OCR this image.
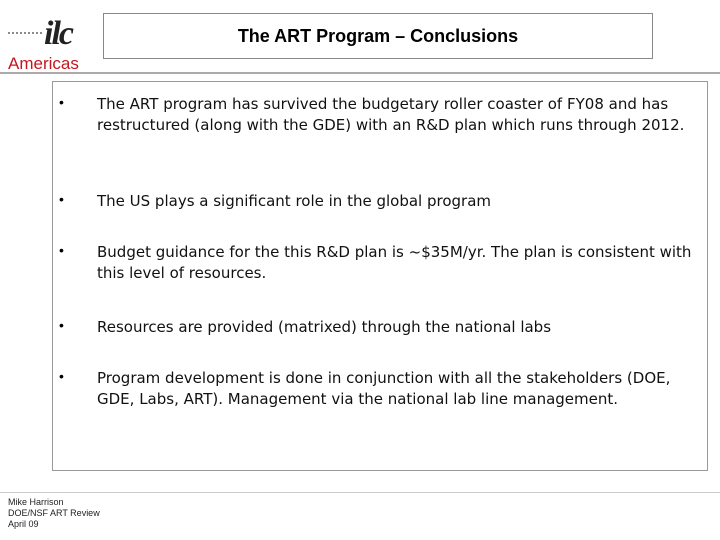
ilc
Americas
The ART Program – Conclusions
• The ART program has survived the budgetary roller coaster of FY08 and has restructured (along with the GDE) with an R&D plan which runs through 2012.
• The US plays a significant role in the global program
• Budget guidance for the this R&D plan is ~$35M/yr. The plan is consistent with this level of resources.
• Resources are provided (matrixed) through the national labs
• Program development is done in conjunction with all the stakeholders (DOE, GDE, Labs, ART). Management via the national lab line management.
Mike Harrison
DOE/NSF ART Review
April 09
